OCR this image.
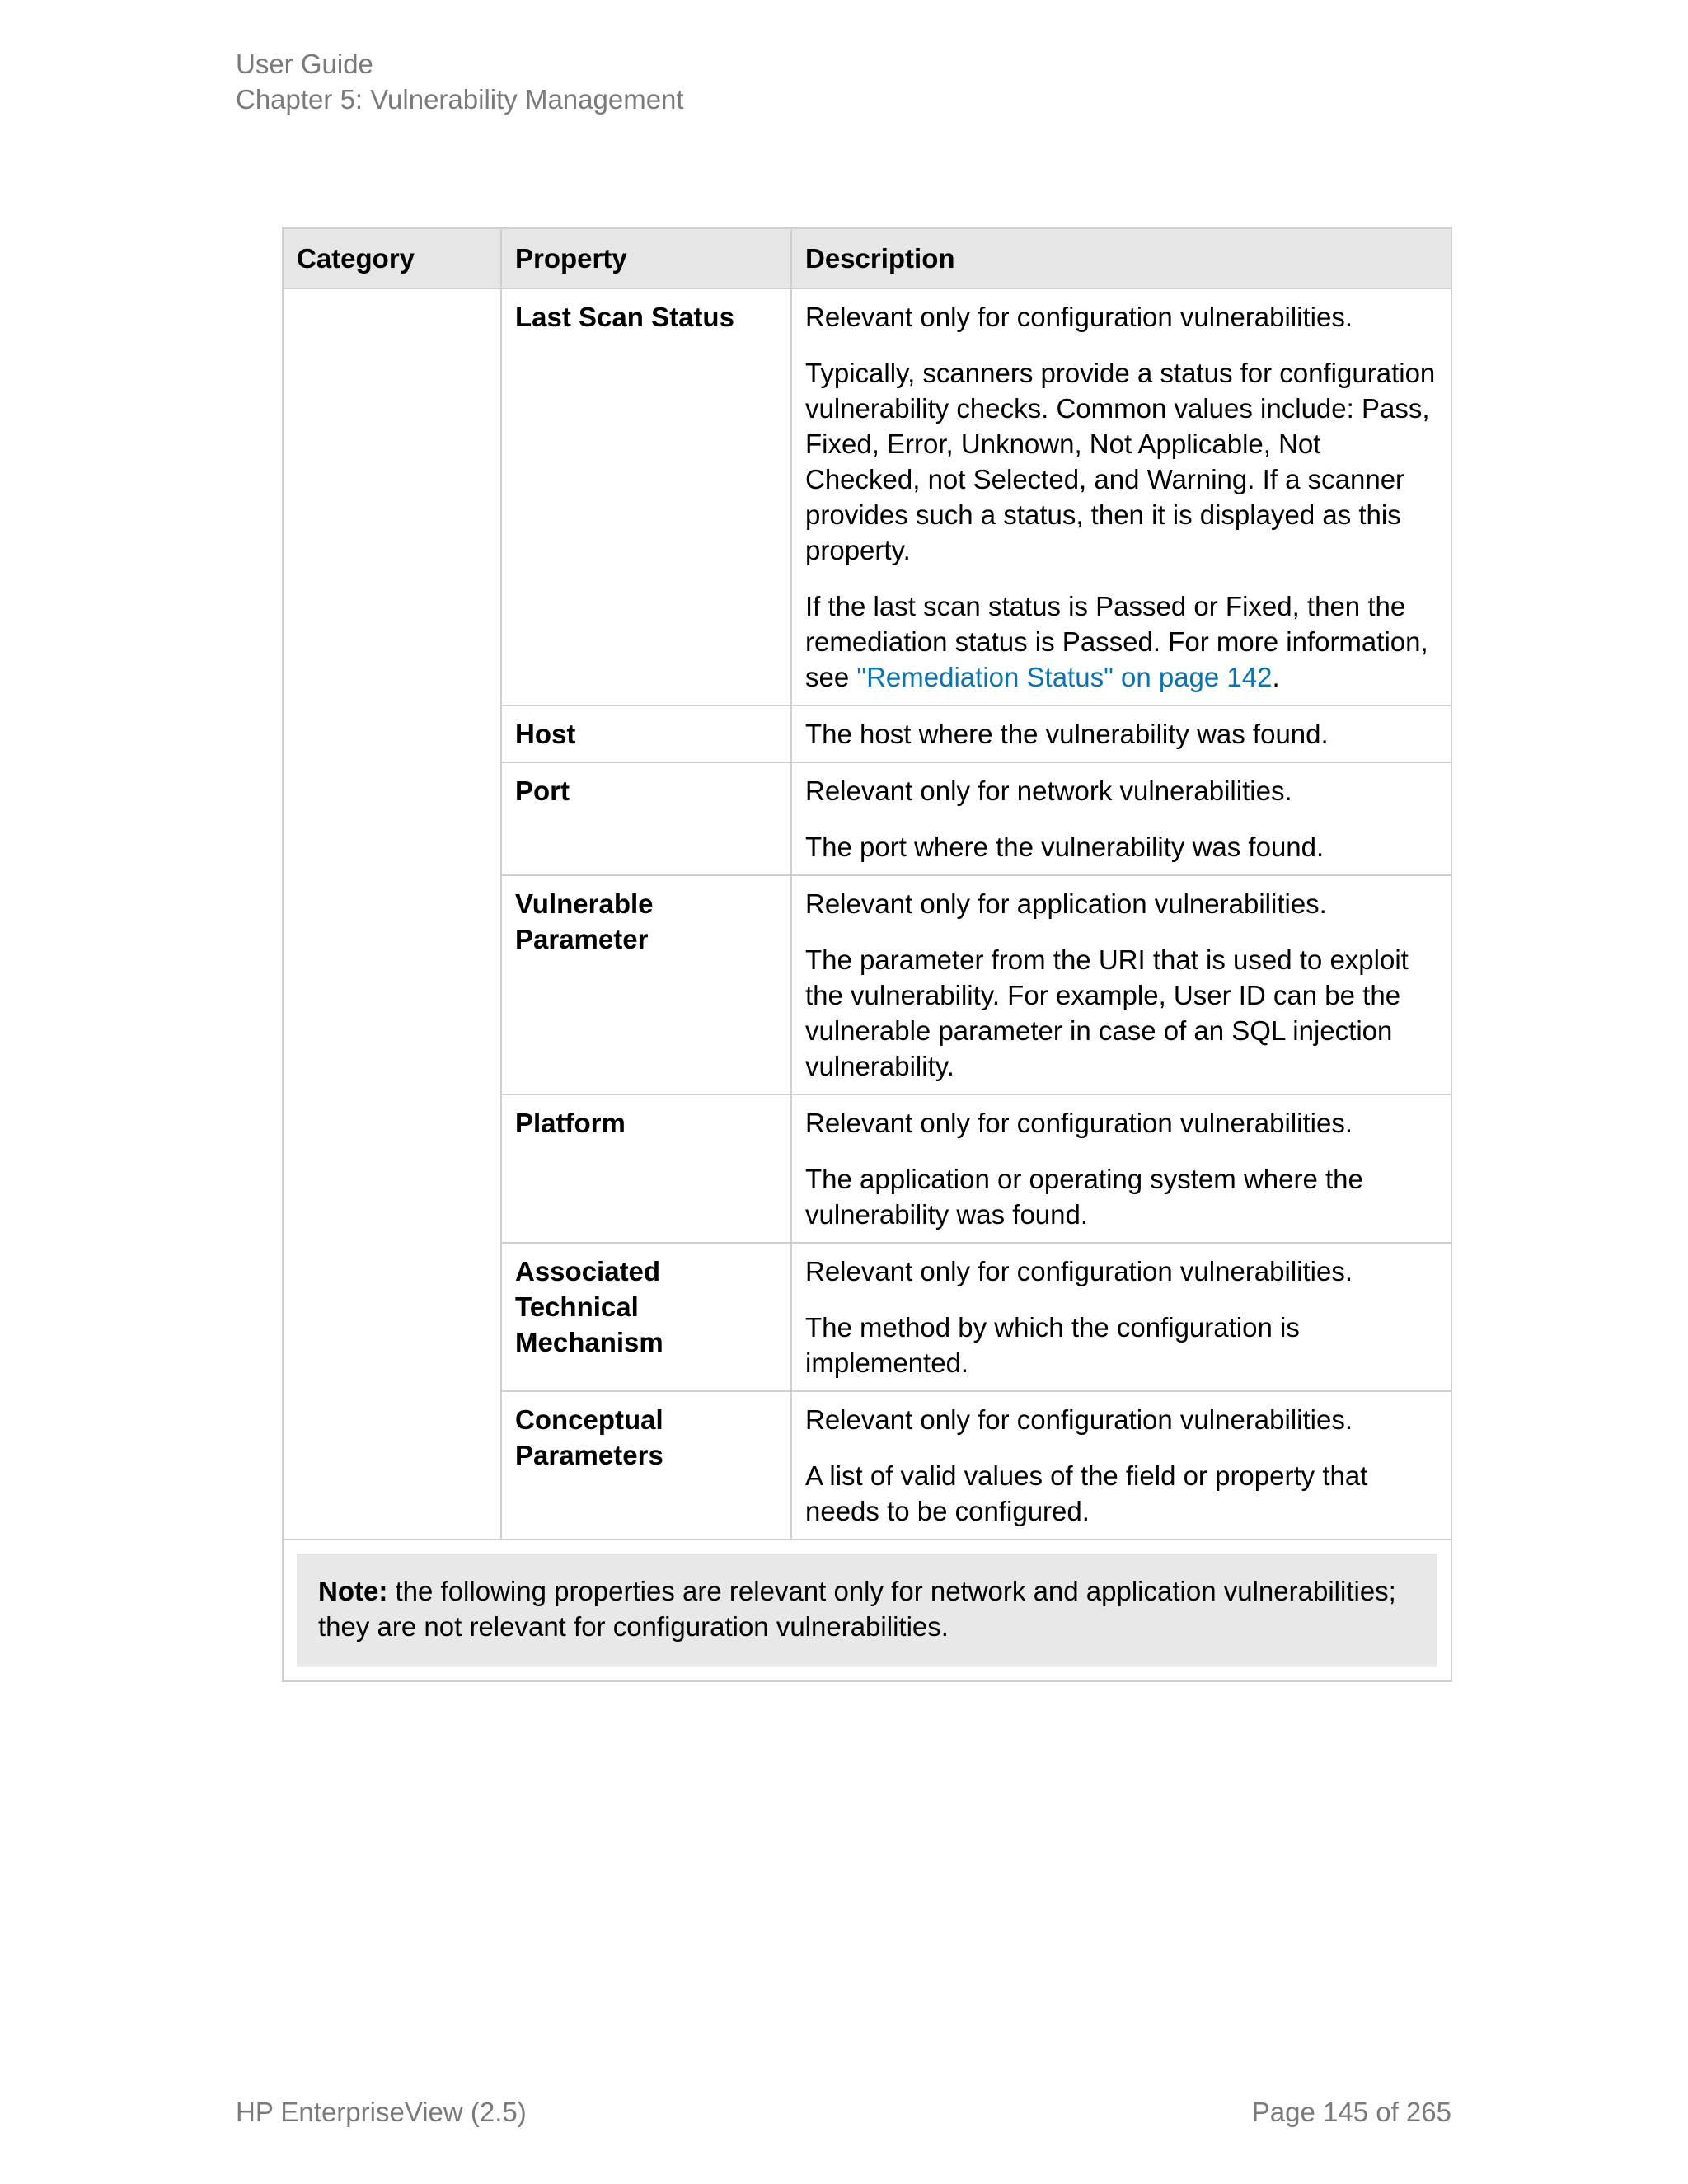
User Guide
Chapter 5: Vulnerability Management
Category	Property	Description
	Last Scan Status	Relevant only for configuration vulnerabilities.

Typically, scanners provide a status for configuration vulnerability checks. Common values include: Pass, Fixed, Error, Unknown, Not Applicable, Not Checked, not Selected, and Warning. If a scanner provides such a status, then it is displayed as this property.

If the last scan status is Passed or Fixed, then the remediation status is Passed. For more information, see "Remediation Status" on page 142.

	Host	The host where the vulnerability was found.

	Port	Relevant only for network vulnerabilities.

The port where the vulnerability was found.

	Vulnerable Parameter	Relevant only for application vulnerabilities.

The parameter from the URI that is used to exploit the vulnerability. For example, User ID can be the vulnerable parameter in case of an SQL injection vulnerability.

	Platform	Relevant only for configuration vulnerabilities.

The application or operating system where the vulnerability was found.

	Associated Technical Mechanism	Relevant only for configuration vulnerabilities.

The method by which the configuration is implemented.

	Conceptual Parameters	Relevant only for configuration vulnerabilities.

A list of valid values of the field or property that needs to be configured.

Note: the following properties are relevant only for network and application vulnerabilities; they are not relevant for configuration vulnerabilities.		
HP EnterpriseView (2.5)	Page 145 of 265
